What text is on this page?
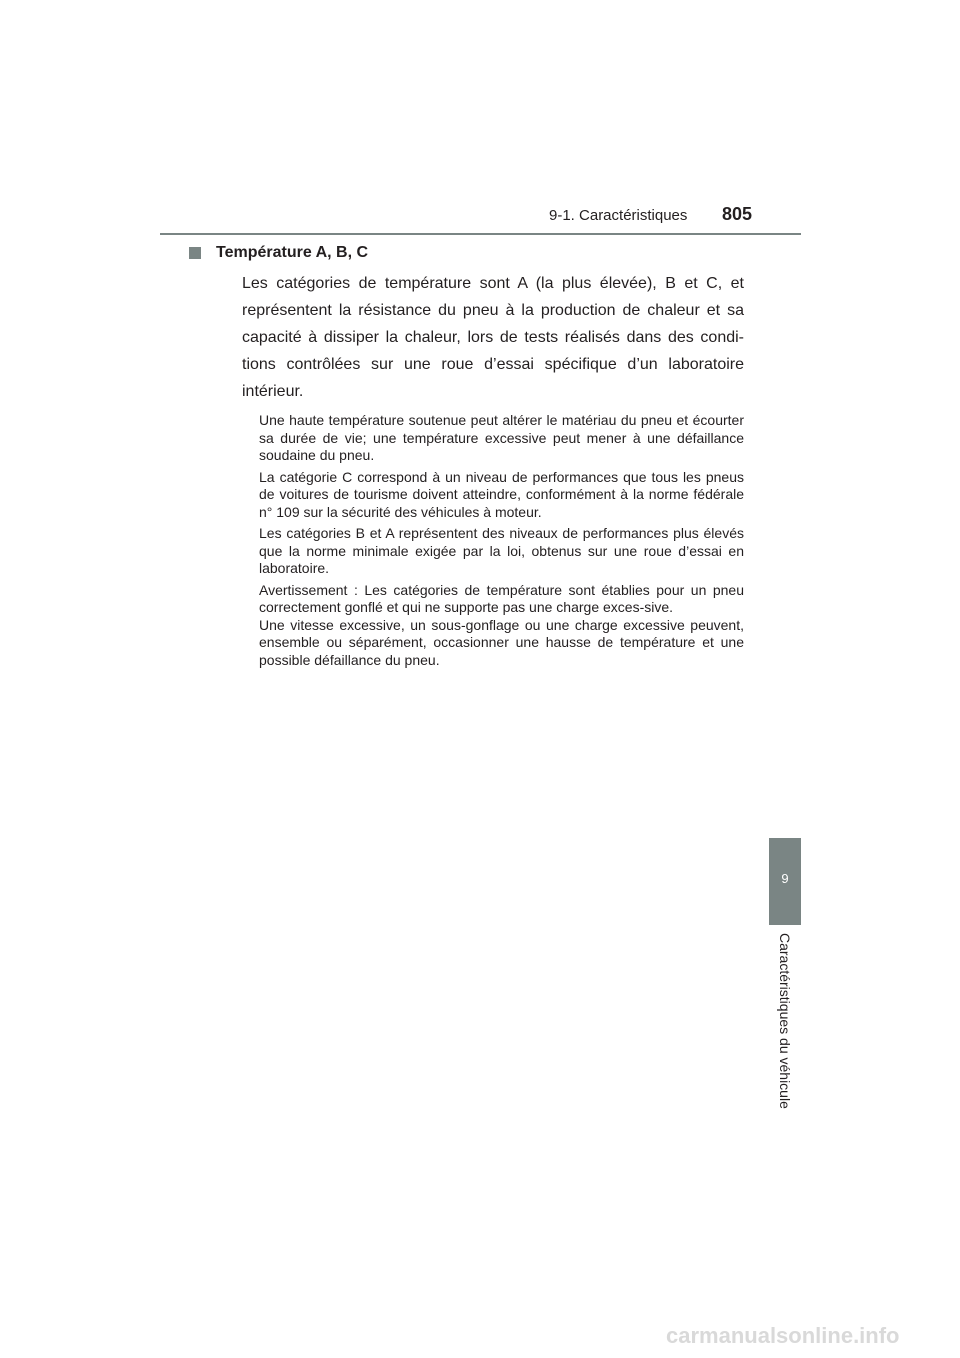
9-1. Caractéristiques 805
9
Caractéristiques du véhicule
Température A, B, C

Les catégories de température sont A (la plus élevée), B et C, et représentent la résistance du pneu à la production de chaleur et sa capacité à dissiper la chaleur, lors de tests réalisés dans des condi-tions contrôlées sur une roue d’essai spécifique d’un laboratoire intérieur.

Une haute température soutenue peut altérer le matériau du pneu et écourter sa durée de vie; une température excessive peut mener à une défaillance soudaine du pneu.

La catégorie C correspond à un niveau de performances que tous les pneus de voitures de tourisme doivent atteindre, conformément à la norme fédérale n° 109 sur la sécurité des véhicules à moteur.

Les catégories B et A représentent des niveaux de performances plus élevés que la norme minimale exigée par la loi, obtenus sur une roue d’essai en laboratoire.

Avertissement : Les catégories de température sont établies pour un pneu correctement gonflé et qui ne supporte pas une charge exces-sive.

Une vitesse excessive, un sous-gonflage ou une charge excessive peuvent, ensemble ou séparément, occasionner une hausse de température et une possible défaillance du pneu.

carmanualsonline.info
